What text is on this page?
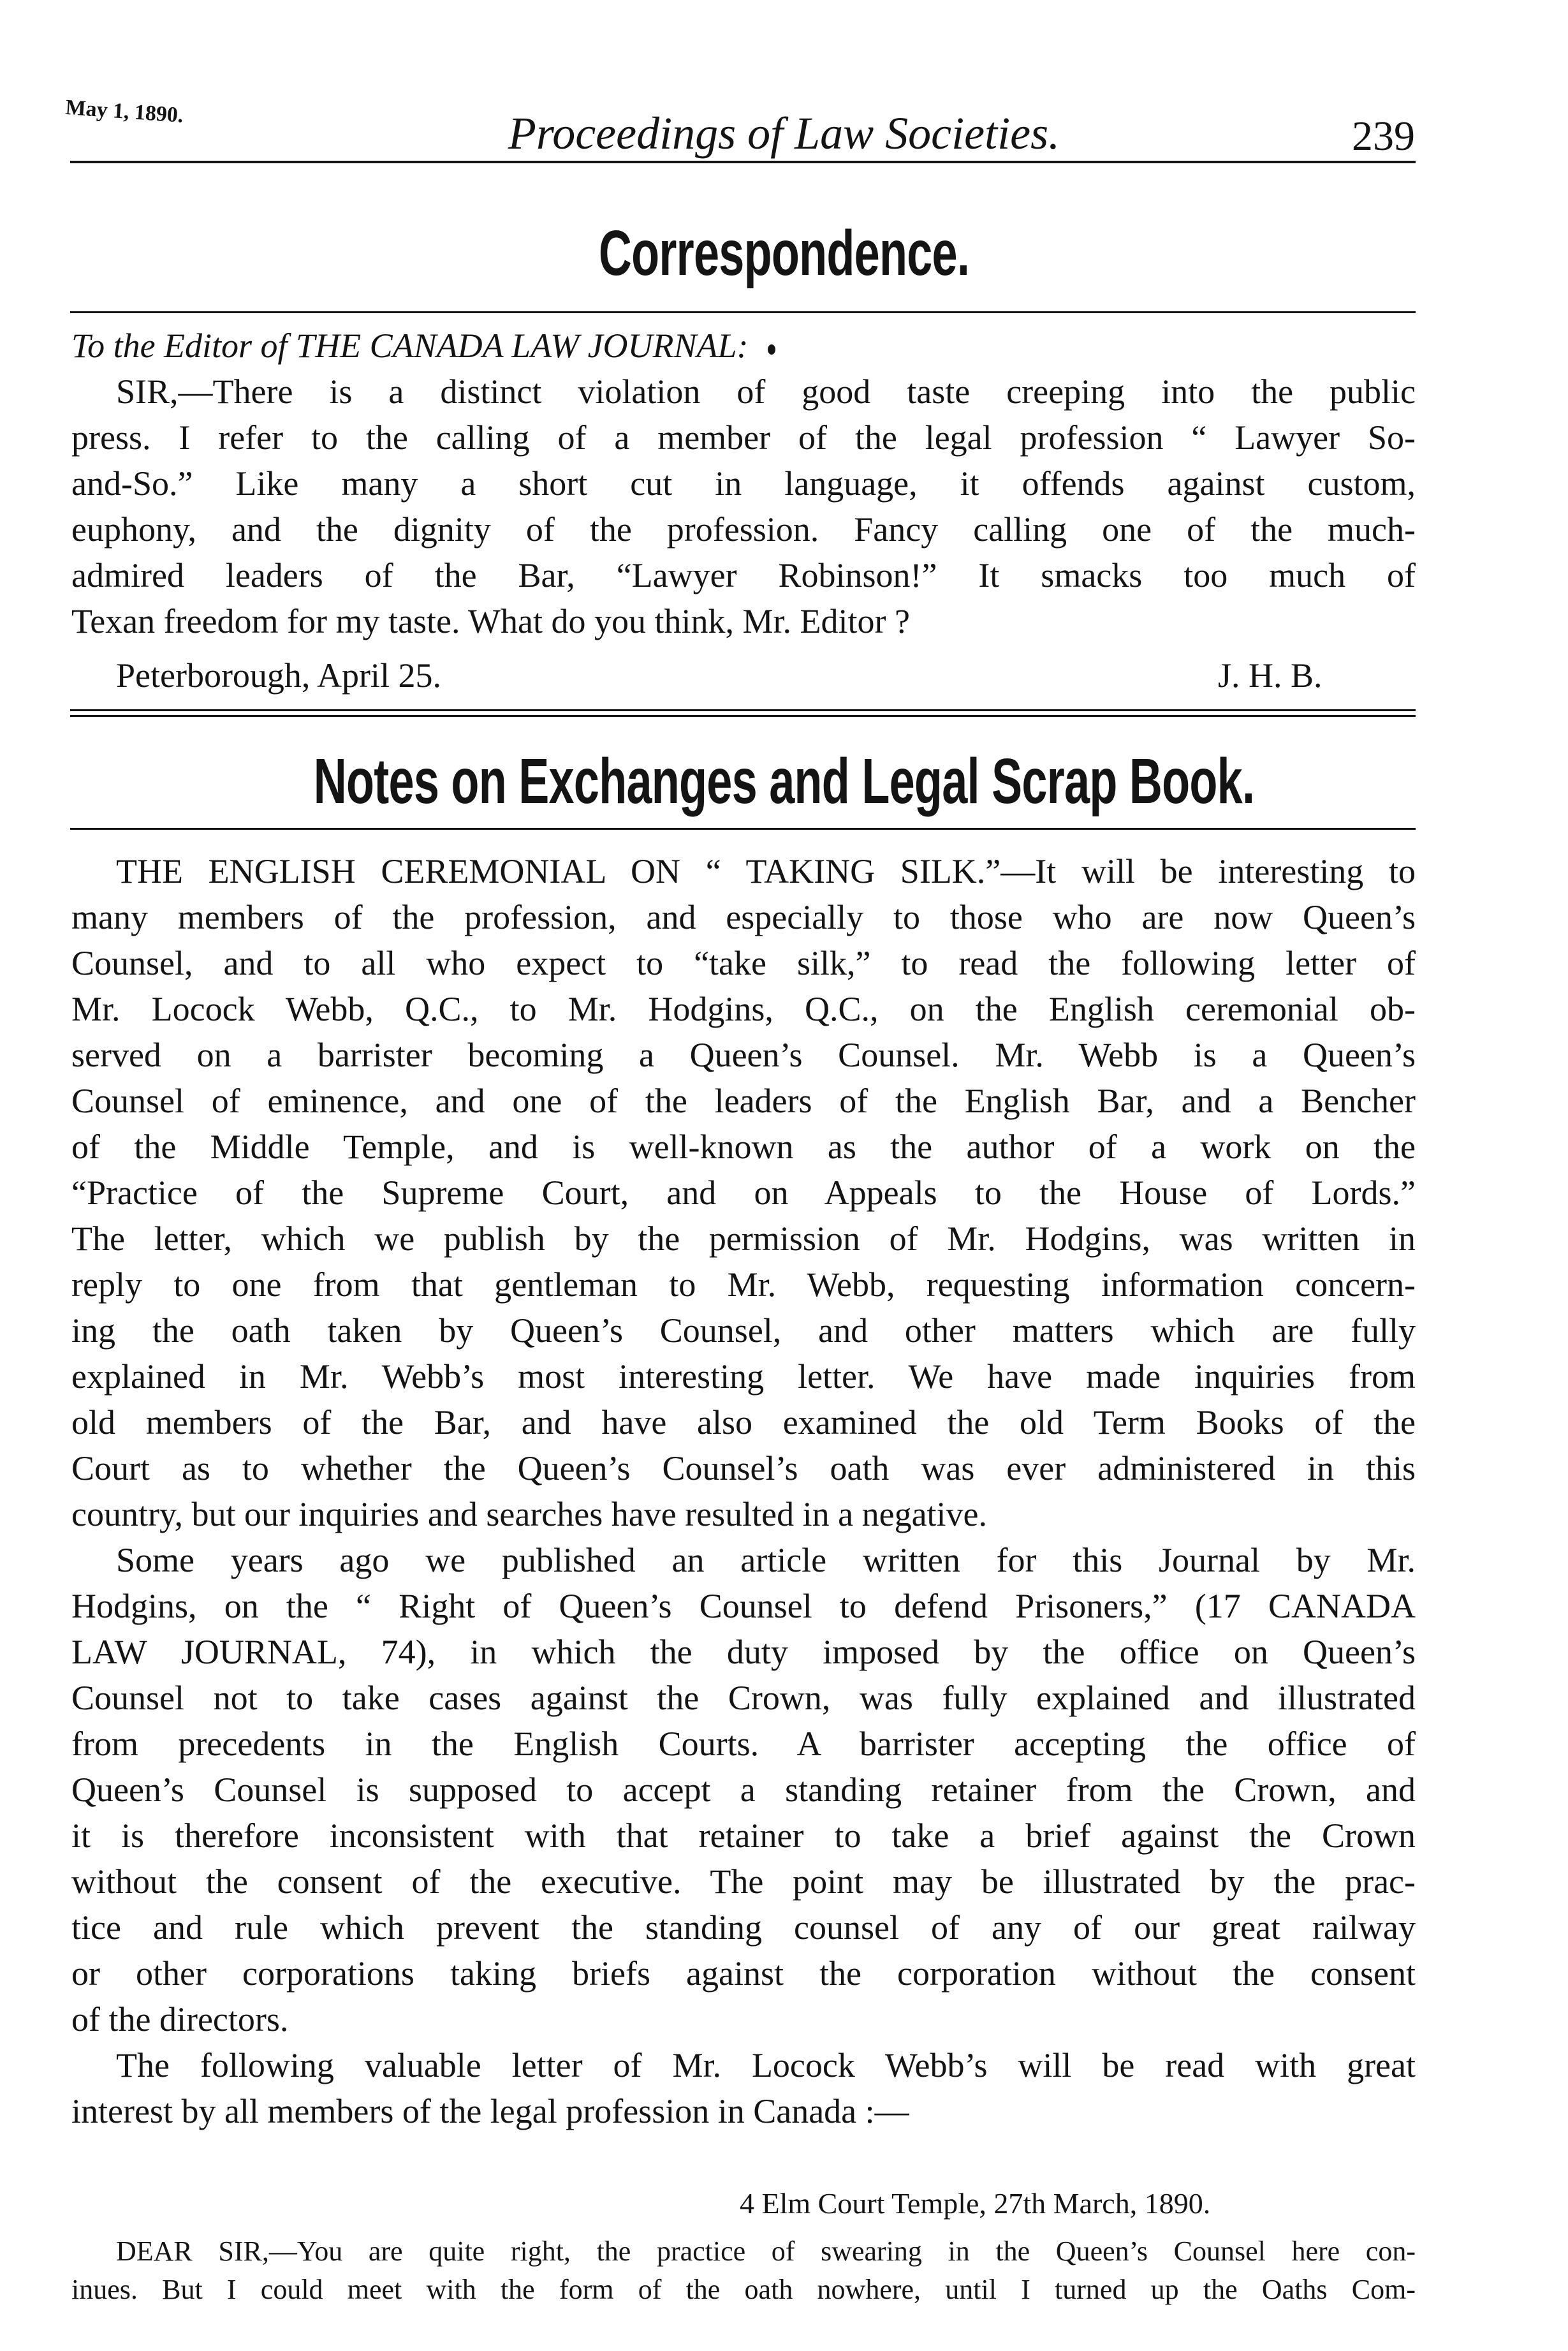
May 1, 1890.	Proceedings of Law Societies.	239
Correspondence.
To the Editor of THE CANADA LAW JOURNAL:
SIR,—There is a distinct violation of good taste creeping into the public
press. I refer to the calling of a member of the legal profession “ Lawyer So-
and-So.” Like many a short cut in language, it offends against custom,
euphony, and the dignity of the profession. Fancy calling one of the much-
admired leaders of the Bar, “Lawyer Robinson!” It smacks too much of
Texan freedom for my taste. What do you think, Mr. Editor ?
Peterborough, April 25.	J. H. B.
Notes on Exchanges and Legal Scrap Book.
THE ENGLISH CEREMONIAL ON “ TAKING SILK.”—It will be interesting to
many members of the profession, and especially to those who are now Queen’s
Counsel, and to all who expect to “take silk,” to read the following letter of
Mr. Locock Webb, Q.C., to Mr. Hodgins, Q.C., on the English ceremonial ob-
served on a barrister becoming a Queen’s Counsel. Mr. Webb is a Queen’s
Counsel of eminence, and one of the leaders of the English Bar, and a Bencher
of the Middle Temple, and is well-known as the author of a work on the
“Practice of the Supreme Court, and on Appeals to the House of Lords.”
The letter, which we publish by the permission of Mr. Hodgins, was written in
reply to one from that gentleman to Mr. Webb, requesting information concern-
ing the oath taken by Queen’s Counsel, and other matters which are fully
explained in Mr. Webb’s most interesting letter. We have made inquiries from
old members of the Bar, and have also examined the old Term Books of the
Court as to whether the Queen’s Counsel’s oath was ever administered in this
country, but our inquiries and searches have resulted in a negative.
Some years ago we published an article written for this Journal by Mr.
Hodgins, on the “ Right of Queen’s Counsel to defend Prisoners,” (17 CANADA
LAW JOURNAL, 74), in which the duty imposed by the office on Queen’s
Counsel not to take cases against the Crown, was fully explained and illustrated
from precedents in the English Courts. A barrister accepting the office of
Queen’s Counsel is supposed to accept a standing retainer from the Crown, and
it is therefore inconsistent with that retainer to take a brief against the Crown
without the consent of the executive. The point may be illustrated by the prac-
tice and rule which prevent the standing counsel of any of our great railway
or other corporations taking briefs against the corporation without the consent
of the directors.
The following valuable letter of Mr. Locock Webb’s will be read with great
interest by all members of the legal profession in Canada :—
4 Elm Court Temple, 27th March, 1890.
DEAR SIR,—You are quite right, the practice of swearing in the Queen’s Counsel here con-
inues. But I could meet with the form of the oath nowhere, until I turned up the Oaths Com-
